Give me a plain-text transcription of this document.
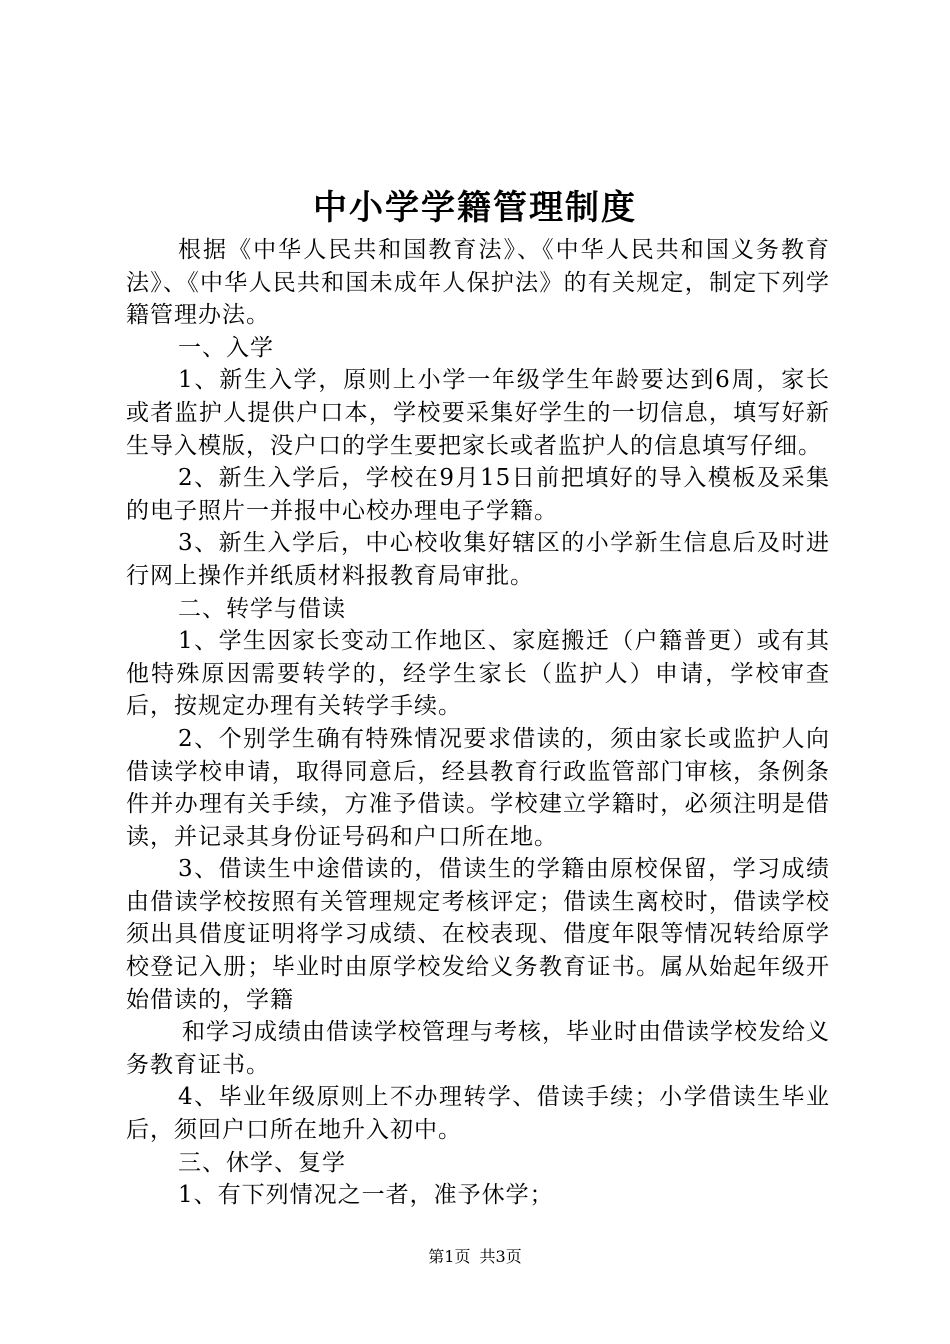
中小学学籍管理制度

根据《中华人民共和国教育法》、《中华人民共和国义务教育法》、《中华人民共和国未成年人保护法》的有关规定，制定下列学籍管理办法。

一、入学

1、新生入学，原则上小学一年级学生年龄要达到6周，家长或者监护人提供户口本，学校要采集好学生的一切信息，填写好新生导入模版，没户口的学生要把家长或者监护人的信息填写仔细。

2、新生入学后，学校在9月15日前把填好的导入模板及采集的电子照片一并报中心校办理电子学籍。

3、新生入学后，中心校收集好辖区的小学新生信息后及时进行网上操作并纸质材料报教育局审批。

二、转学与借读

1、学生因家长变动工作地区、家庭搬迁（户籍普更）或有其他特殊原因需要转学的，经学生家长（监护人）申请，学校审查后，按规定办理有关转学手续。

2、个别学生确有特殊情况要求借读的，须由家长或监护人向借读学校申请，取得同意后，经县教育行政监管部门审核，条例条件并办理有关手续，方准予借读。学校建立学籍时，必须注明是借读，并记录其身份证号码和户口所在地。

3、借读生中途借读的，借读生的学籍由原校保留，学习成绩由借读学校按照有关管理规定考核评定；借读生离校时，借读学校须出具借度证明将学习成绩、在校表现、借度年限等情况转给原学校登记入册；毕业时由原学校发给义务教育证书。属从始起年级开始借读的，学籍

和学习成绩由借读学校管理与考核，毕业时由借读学校发给义务教育证书。

4、毕业年级原则上不办理转学、借读手续；小学借读生毕业后，须回户口所在地升入初中。

三、休学、复学

1、有下列情况之一者，准予休学；

第1页 共3页
